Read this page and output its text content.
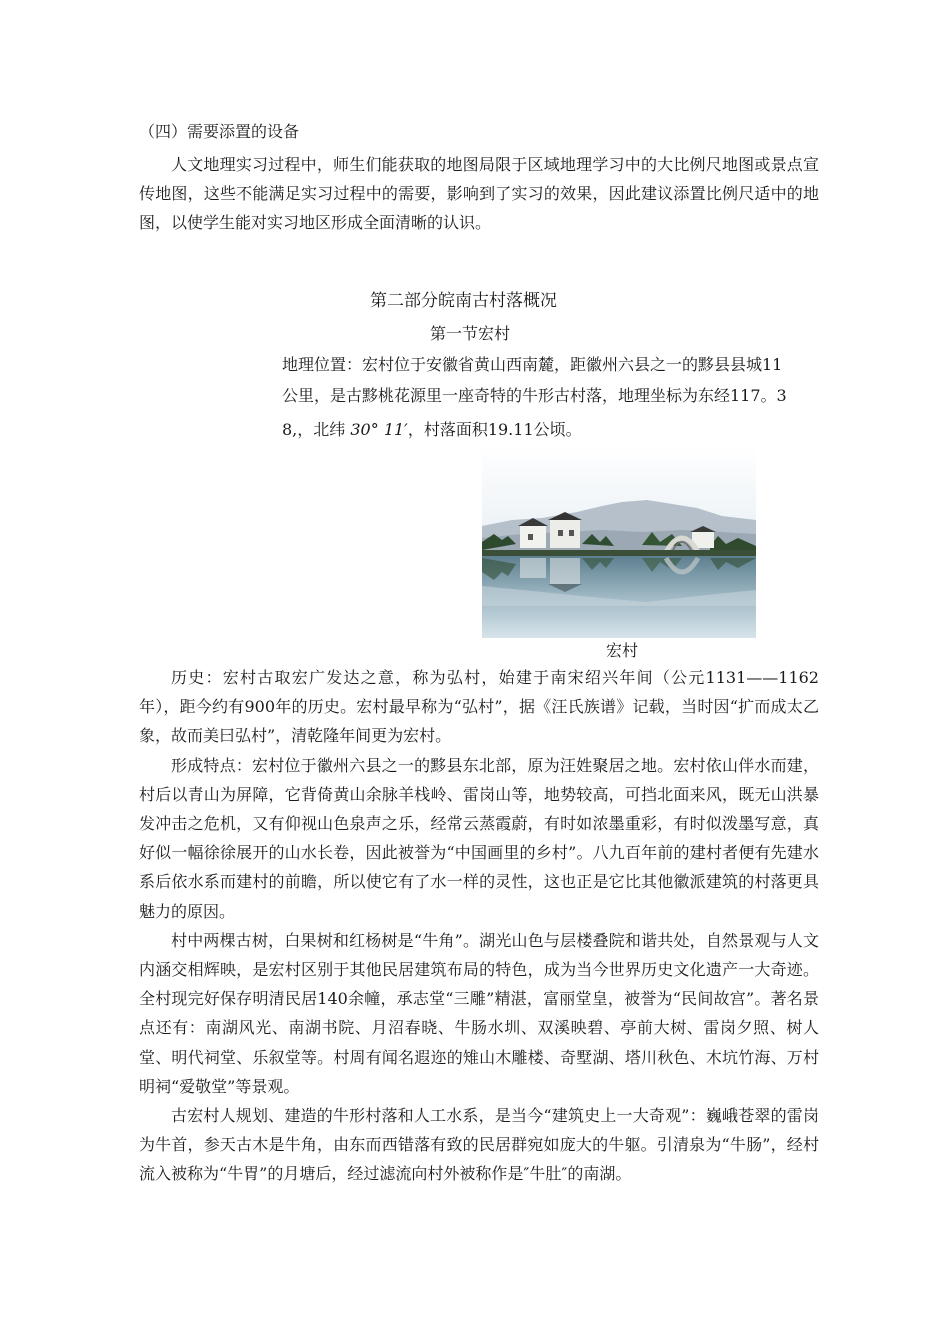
（四）需要添置的设备

人文地理实习过程中，师生们能获取的地图局限于区域地理学习中的大比例尺地图或景点宣传地图，这些不能满足实习过程中的需要，影响到了实习的效果，因此建议添置比例尺适中的地图，以使学生能对实习地区形成全面清晰的认识。

第二部分皖南古村落概况
第一节宏村
地理位置：宏村位于安徽省黄山西南麓，距徽州六县之一的黟县县城11
公里，是古黟桃花源里一座奇特的牛形古村落，地理坐标为东经117。3
8,，北纬 30° 11′，村落面积19.11公顷。
宏村

历史：宏村古取宏广发达之意，称为弘村，始建于南宋绍兴年间（公元1131——1162年），距今约有900年的历史。宏村最早称为“弘村”，据《汪氏族谱》记载，当时因“扩而成太乙象，故而美曰弘村”，清乾隆年间更为宏村。

形成特点：宏村位于徽州六县之一的黟县东北部，原为汪姓聚居之地。宏村依山伴水而建，村后以青山为屏障，它背倚黄山余脉羊栈岭、雷岗山等，地势较高，可挡北面来风，既无山洪暴发冲击之危机，又有仰视山色泉声之乐，经常云蒸霞蔚，有时如浓墨重彩，有时似泼墨写意，真好似一幅徐徐展开的山水长卷，因此被誉为“中国画里的乡村”。八九百年前的建村者便有先建水系后依水系而建村的前瞻，所以使它有了水一样的灵性，这也正是它比其他徽派建筑的村落更具魅力的原因。

村中两棵古树，白果树和红杨树是“牛角”。湖光山色与层楼叠院和谐共处，自然景观与人文内涵交相辉映，是宏村区别于其他民居建筑布局的特色，成为当今世界历史文化遗产一大奇迹。全村现完好保存明清民居140余幢，承志堂“三雕”精湛，富丽堂皇，被誉为“民间故宫”。著名景点还有：南湖风光、南湖书院、月沼春晓、牛肠水圳、双溪映碧、亭前大树、雷岗夕照、树人堂、明代祠堂、乐叙堂等。村周有闻名遐迩的雉山木雕楼、奇墅湖、塔川秋色、木坑竹海、万村明祠“爱敬堂”等景观。

古宏村人规划、建造的牛形村落和人工水系，是当今“建筑史上一大奇观”：巍峨苍翠的雷岗为牛首，参天古木是牛角，由东而西错落有致的民居群宛如庞大的牛躯。引清泉为“牛肠”，经村流入被称为“牛胃”的月塘后，经过滤流向村外被称作是″牛肚″的南湖。
